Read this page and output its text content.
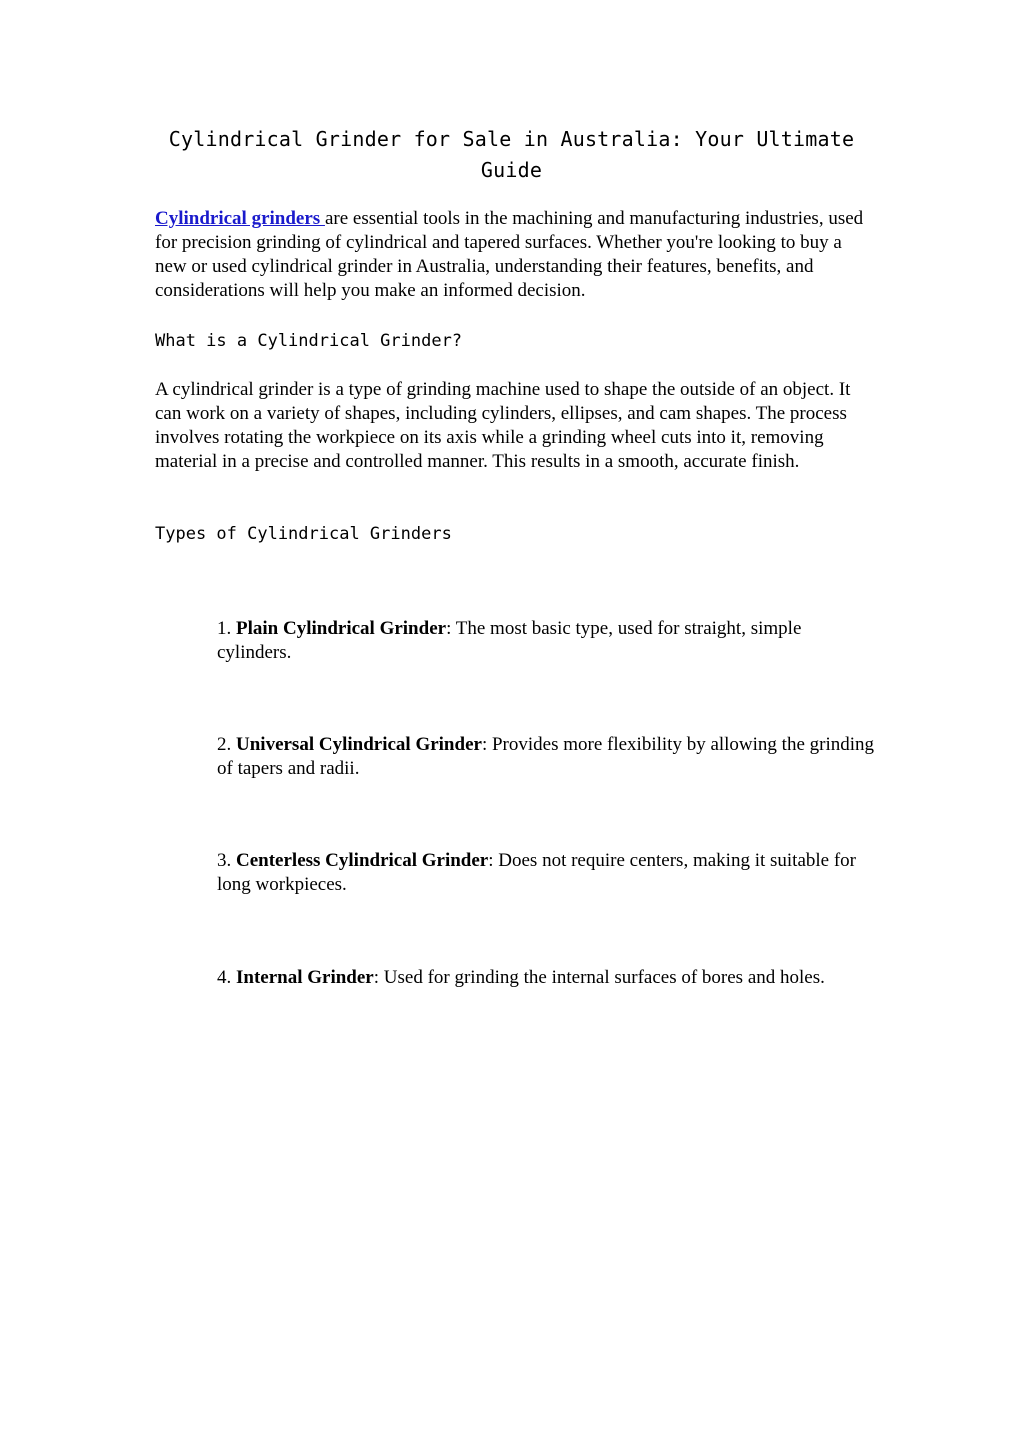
Cylindrical Grinder for Sale in Australia: Your Ultimate Guide

Cylindrical grinders are essential tools in the machining and manufacturing industries, used for precision grinding of cylindrical and tapered surfaces. Whether you're looking to buy a new or used cylindrical grinder in Australia, understanding their features, benefits, and considerations will help you make an informed decision.

What is a Cylindrical Grinder?

A cylindrical grinder is a type of grinding machine used to shape the outside of an object. It can work on a variety of shapes, including cylinders, ellipses, and cam shapes. The process involves rotating the workpiece on its axis while a grinding wheel cuts into it, removing material in a precise and controlled manner. This results in a smooth, accurate finish.

Types of Cylindrical Grinders

1. Plain Cylindrical Grinder: The most basic type, used for straight, simple cylinders.

2. Universal Cylindrical Grinder: Provides more flexibility by allowing the grinding of tapers and radii.

3. Centerless Cylindrical Grinder: Does not require centers, making it suitable for long workpieces.

4. Internal Grinder: Used for grinding the internal surfaces of bores and holes.
